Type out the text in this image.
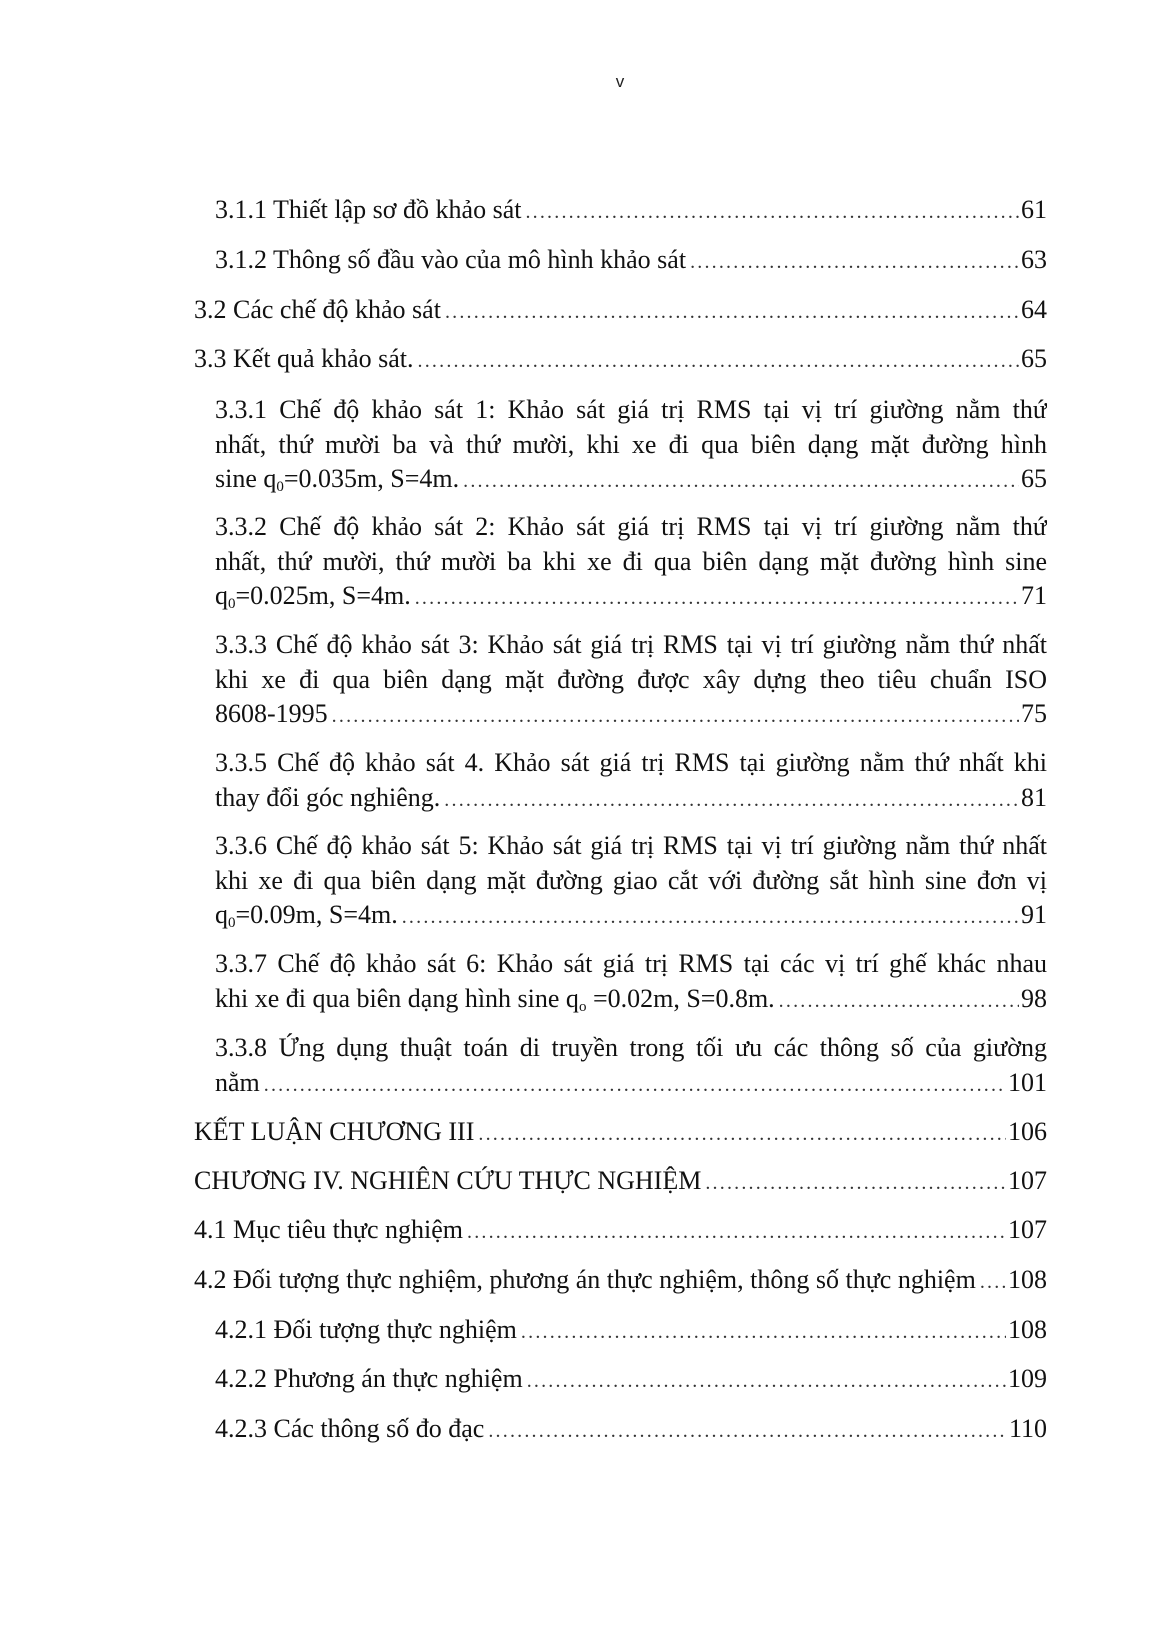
v
3.1.1 Thiết lập sơ đồ khảo sát .....	61
3.1.2 Thông số đầu vào của mô hình khảo sát .....	63
3.2 Các chế độ khảo sát .....	64
3.3 Kết quả khảo sát. .....	65
3.3.1 Chế độ khảo sát 1: Khảo sát giá trị RMS tại vị trí giường nằm thứ
nhất, thứ mười ba và thứ mười, khi xe đi qua biên dạng mặt đường hình
sine $q_0=0.035m$, S=4m. .....	65
3.3.2 Chế độ khảo sát 2: Khảo sát giá trị RMS tại vị trí giường nằm thứ
nhất, thứ mười, thứ mười ba khi xe đi qua biên dạng mặt đường hình sine
$q_0=0.025m$, S=4m. .....	71
3.3.3 Chế độ khảo sát 3: Khảo sát giá trị RMS tại vị trí giường nằm thứ nhất
khi xe đi qua biên dạng mặt đường được xây dựng theo tiêu chuẩn ISO
8608-1995 .....	75
3.3.5 Chế độ khảo sát 4. Khảo sát giá trị RMS tại giường nằm thứ nhất khi
thay đổi góc nghiêng. .....	81
3.3.6 Chế độ khảo sát 5: Khảo sát giá trị RMS tại vị trí giường nằm thứ nhất
khi xe đi qua biên dạng mặt đường giao cắt với đường sắt hình sine đơn vị
$q_0=0.09m$, S=4m. .....	91
3.3.7 Chế độ khảo sát 6: Khảo sát giá trị RMS tại các vị trí ghế khác nhau
khi xe đi qua biên dạng hình sine $q_o =0.02m$, S=0.8m. .....	98
3.3.8 Ứng dụng thuật toán di truyền trong tối ưu các thông số của giường
nằm .....	101
KẾT LUẬN CHƯƠNG III .....	106
CHƯƠNG IV. NGHIÊN CỨU THỰC NGHIỆM .....	107
4.1 Mục tiêu thực nghiệm .....	107
4.2 Đối tượng thực nghiệm, phương án thực nghiệm, thông số thực nghiệm ..... 108
4.2.1 Đối tượng thực nghiệm .....	108
4.2.2 Phương án thực nghiệm .....	109
4.2.3 Các thông số đo đạc .....	110
